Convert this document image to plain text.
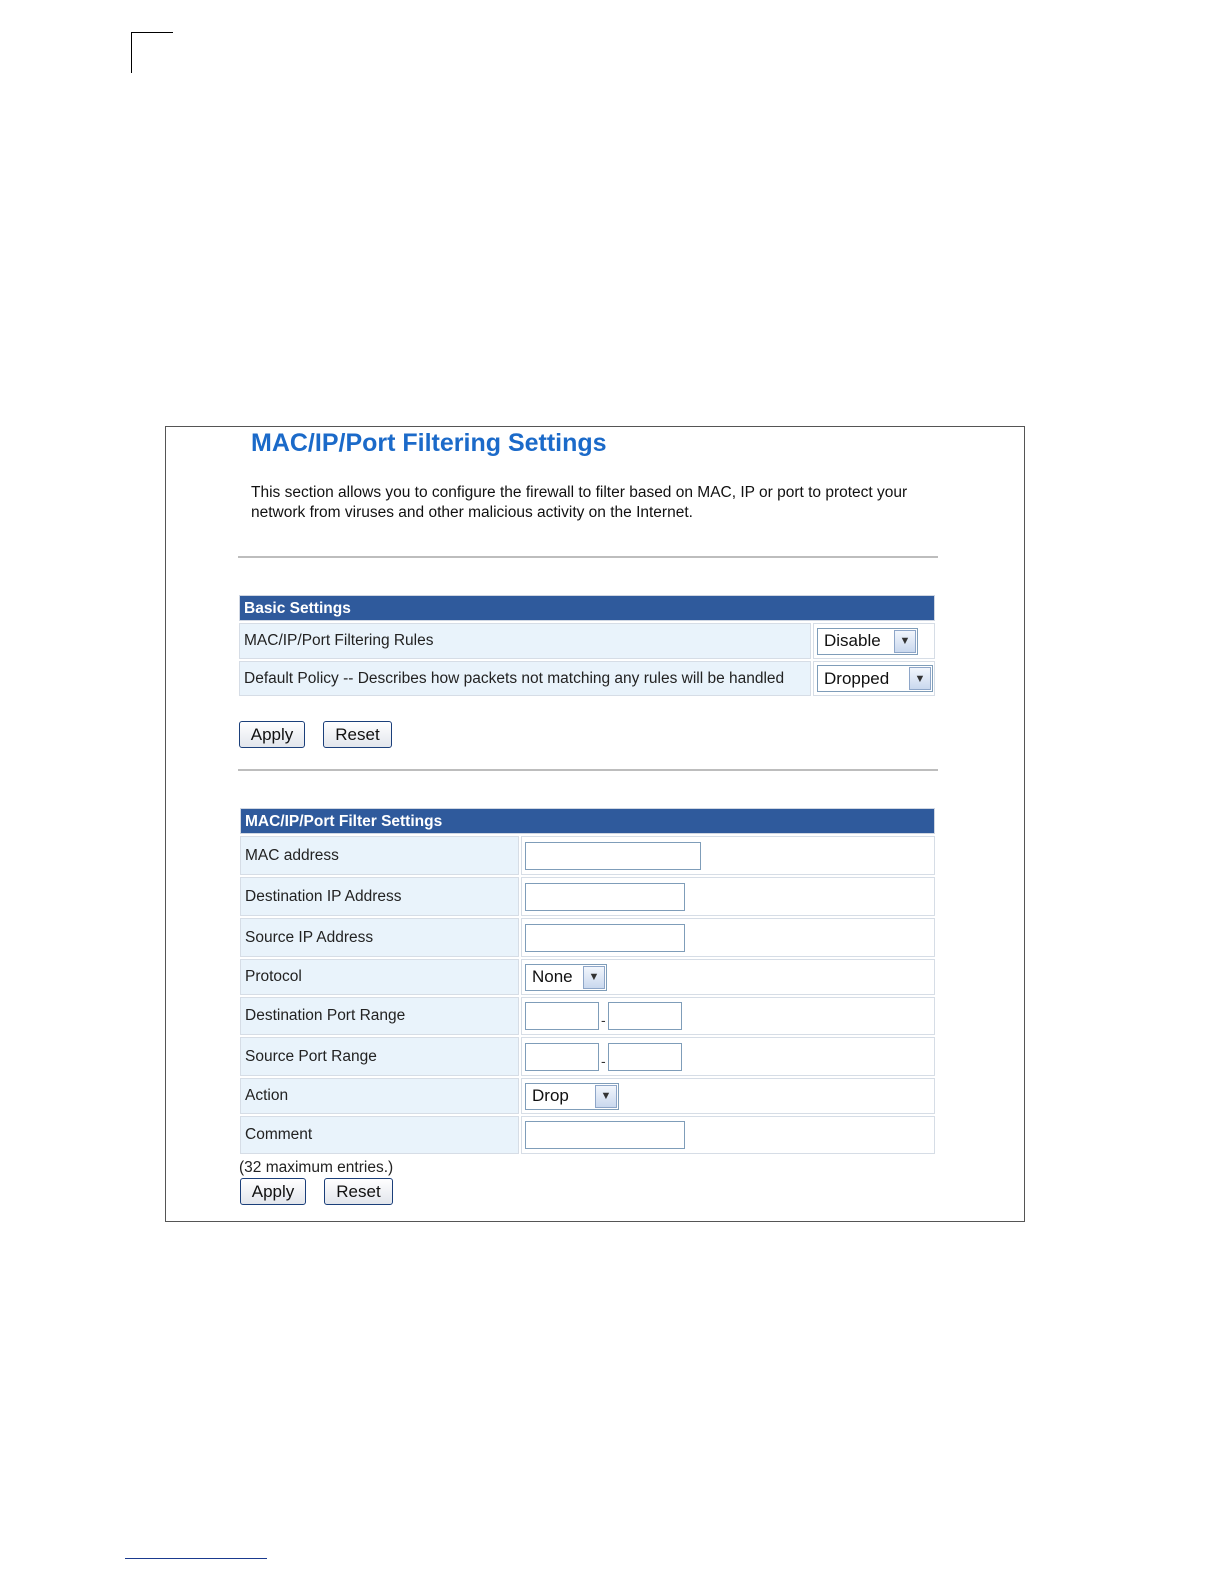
MAC/IP/Port Filtering Settings
This section allows you to configure the firewall to filter based on MAC, IP or port to protect your network from viruses and other malicious activity on the Internet.
Basic Settings
MAC/IP/Port Filtering Rules	Disable	▼
Default Policy -- Describes how packets not matching any rules will be handled	Dropped	▼
Apply	Reset
MAC/IP/Port Filter Settings
MAC address
Destination IP Address
Source IP Address
Protocol	None	▼
Destination Port Range	-
Source Port Range	-
Action	Drop	▼
Comment
(32 maximum entries.)
Apply	Reset
